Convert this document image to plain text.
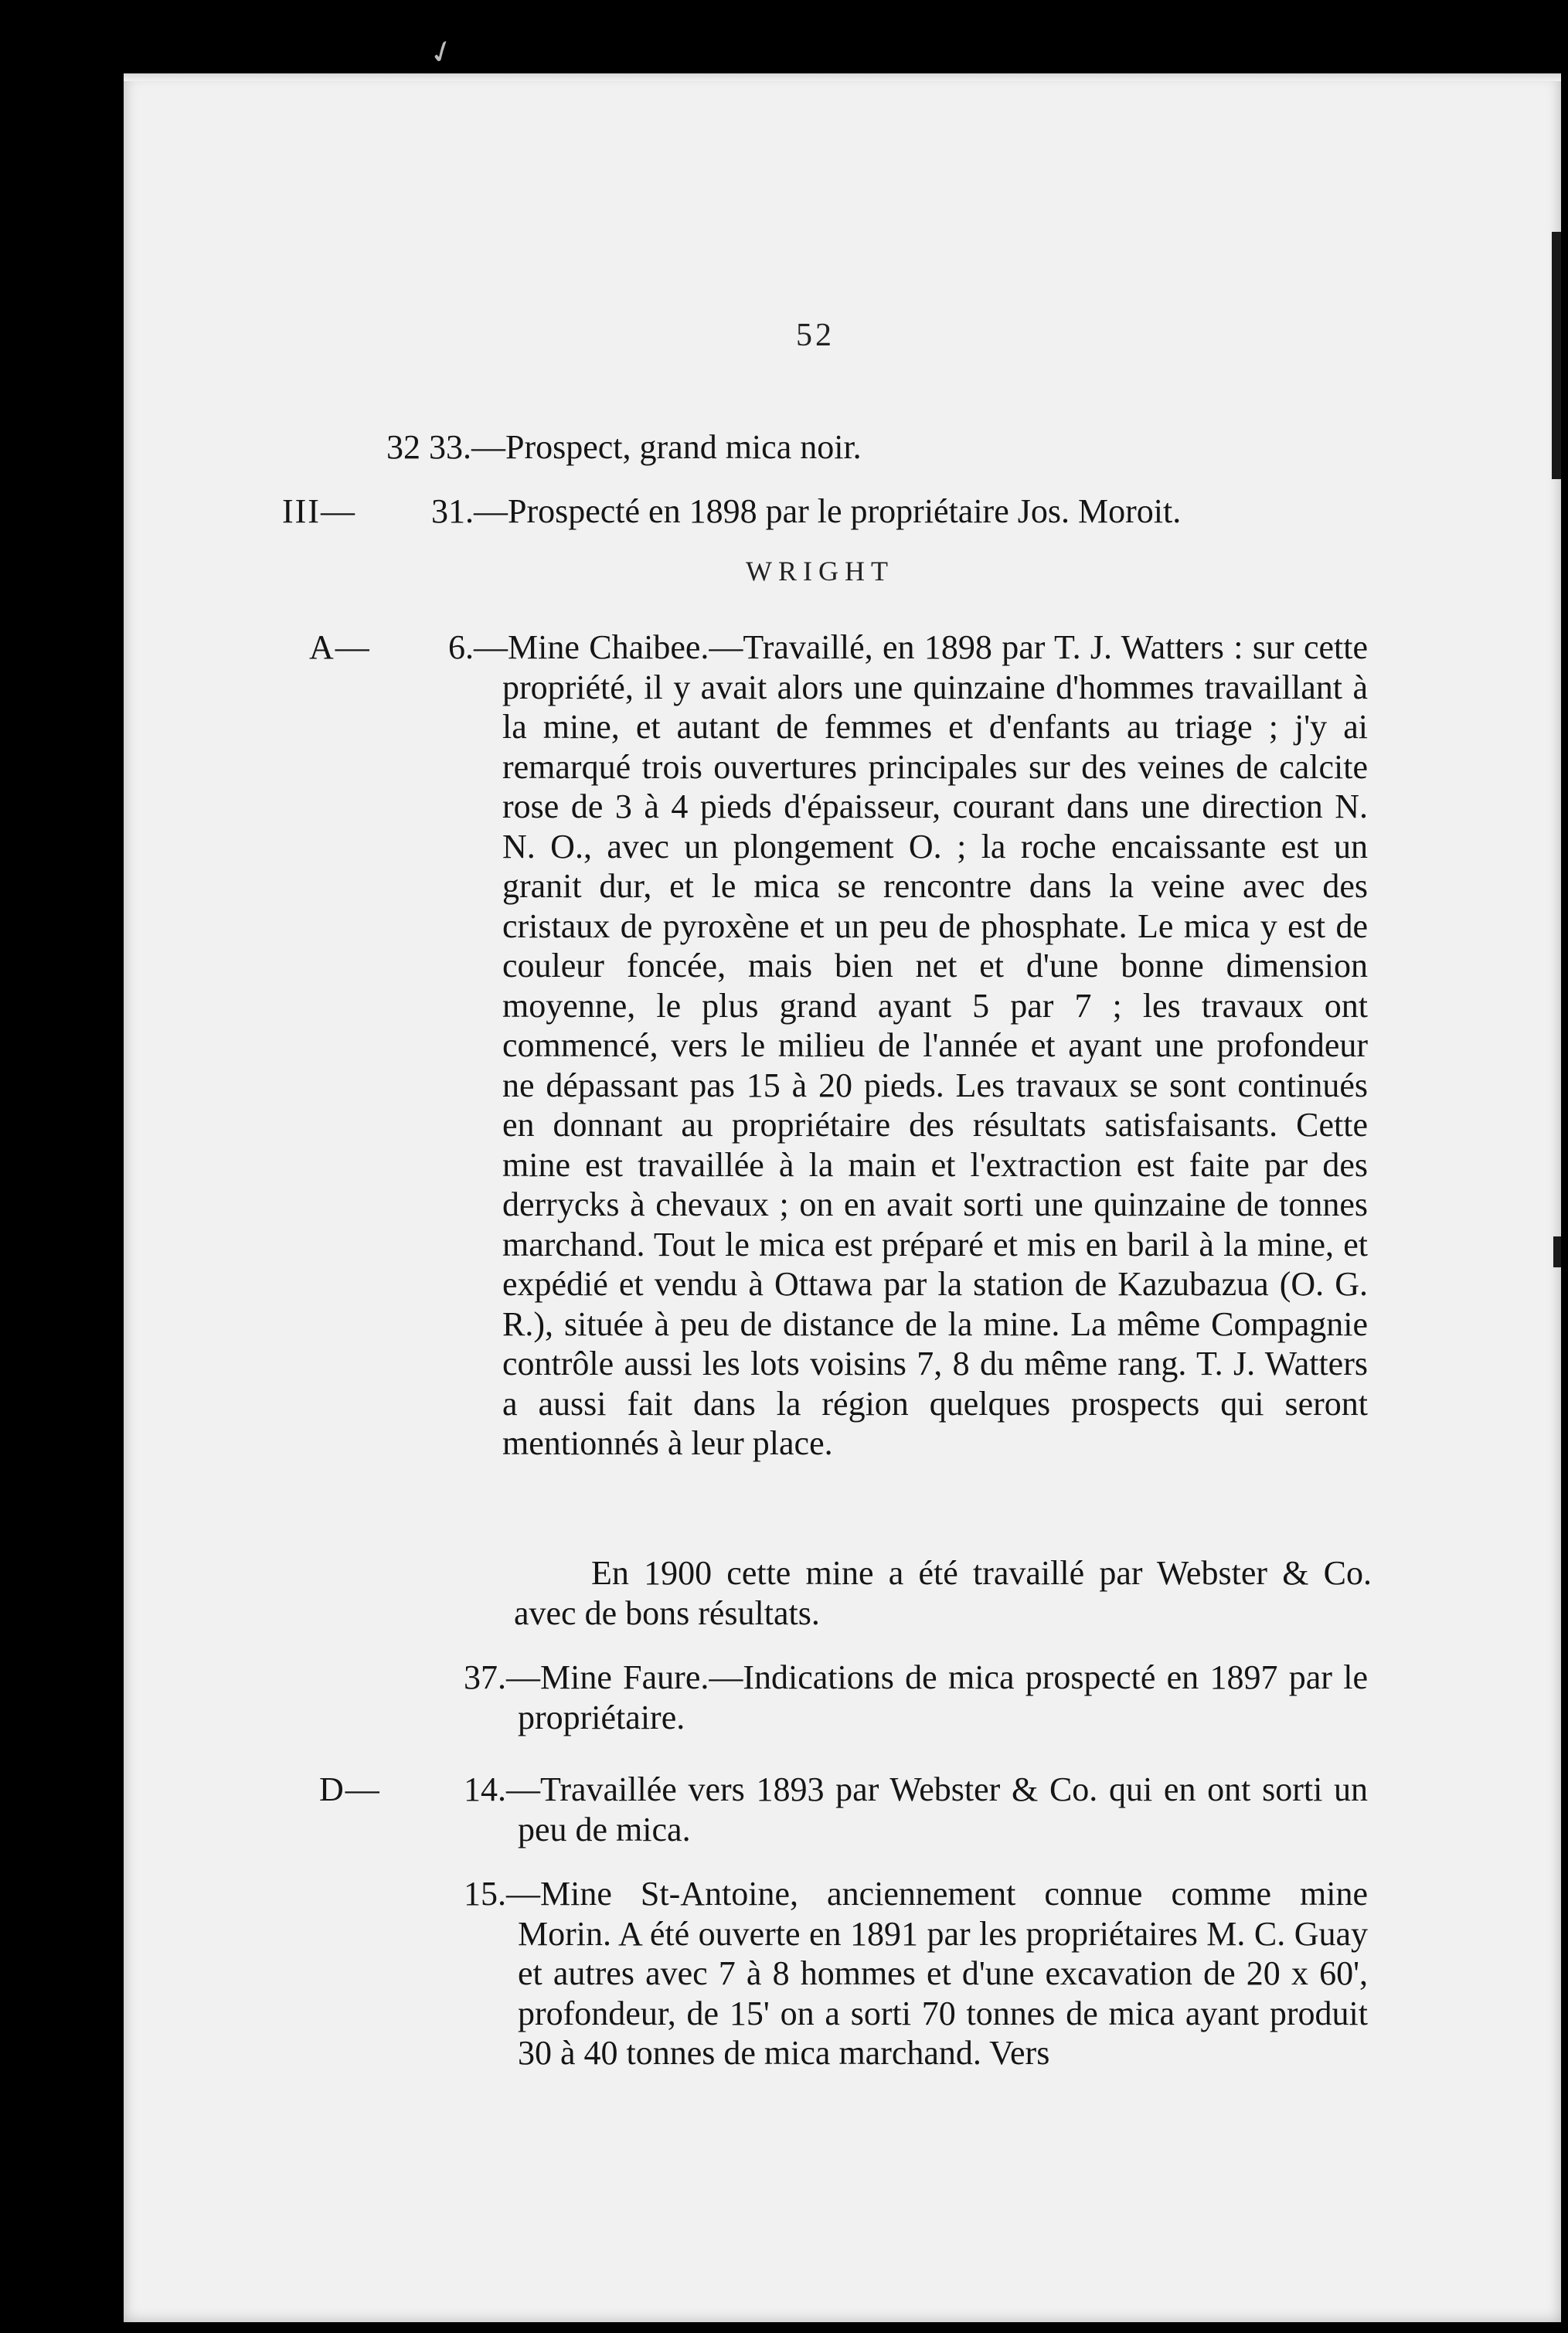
✓
52
32 33.—Prospect, grand mica noir.
III— 31.—Prospecté en 1898 par le propriétaire Jos. Moroit.
WRIGHT
A— 6.—Mine Chaibee.—Travaillé, en 1898 par T. J. Watters : sur cette propriété, il y avait alors une quinzaine d'hommes travaillant à la mine, et autant de femmes et d'enfants au triage ; j'y ai remarqué trois ouvertures principales sur des veines de calcite rose de 3 à 4 pieds d'épaisseur, courant dans une direction N. N. O., avec un plongement O. ; la roche encaissante est un granit dur, et le mica se rencontre dans la veine avec des cristaux de pyroxène et un peu de phosphate. Le mica y est de couleur foncée, mais bien net et d'une bonne dimension moyenne, le plus grand ayant 5 par 7 ; les travaux ont commencé, vers le milieu de l'année et ayant une profondeur ne dépassant pas 15 à 20 pieds. Les travaux se sont continués en donnant au propriétaire des résultats satisfaisants. Cette mine est travaillée à la main et l'extraction est faite par des derrycks à chevaux ; on en avait sorti une quinzaine de tonnes marchand. Tout le mica est préparé et mis en baril à la mine, et expédié et vendu à Ottawa par la station de Kazubazua (O. G. R.), située à peu de distance de la mine. La même Compagnie contrôle aussi les lots voisins 7, 8 du même rang. T. J. Watters a aussi fait dans la région quelques prospects qui seront mentionnés à leur place.
En 1900 cette mine a été travaillé par Webster & Co. avec de bons résultats.
37.—Mine Faure.—Indications de mica prospecté en 1897 par le propriétaire.
D— 14.—Travaillée vers 1893 par Webster & Co. qui en ont sorti un peu de mica.
15.—Mine St-Antoine, anciennement connue comme mine Morin. A été ouverte en 1891 par les propriétaires M. C. Guay et autres avec 7 à 8 hommes et d'une excavation de 20 x 60', profondeur, de 15' on a sorti 70 tonnes de mica ayant produit 30 à 40 tonnes de mica marchand. Vers
